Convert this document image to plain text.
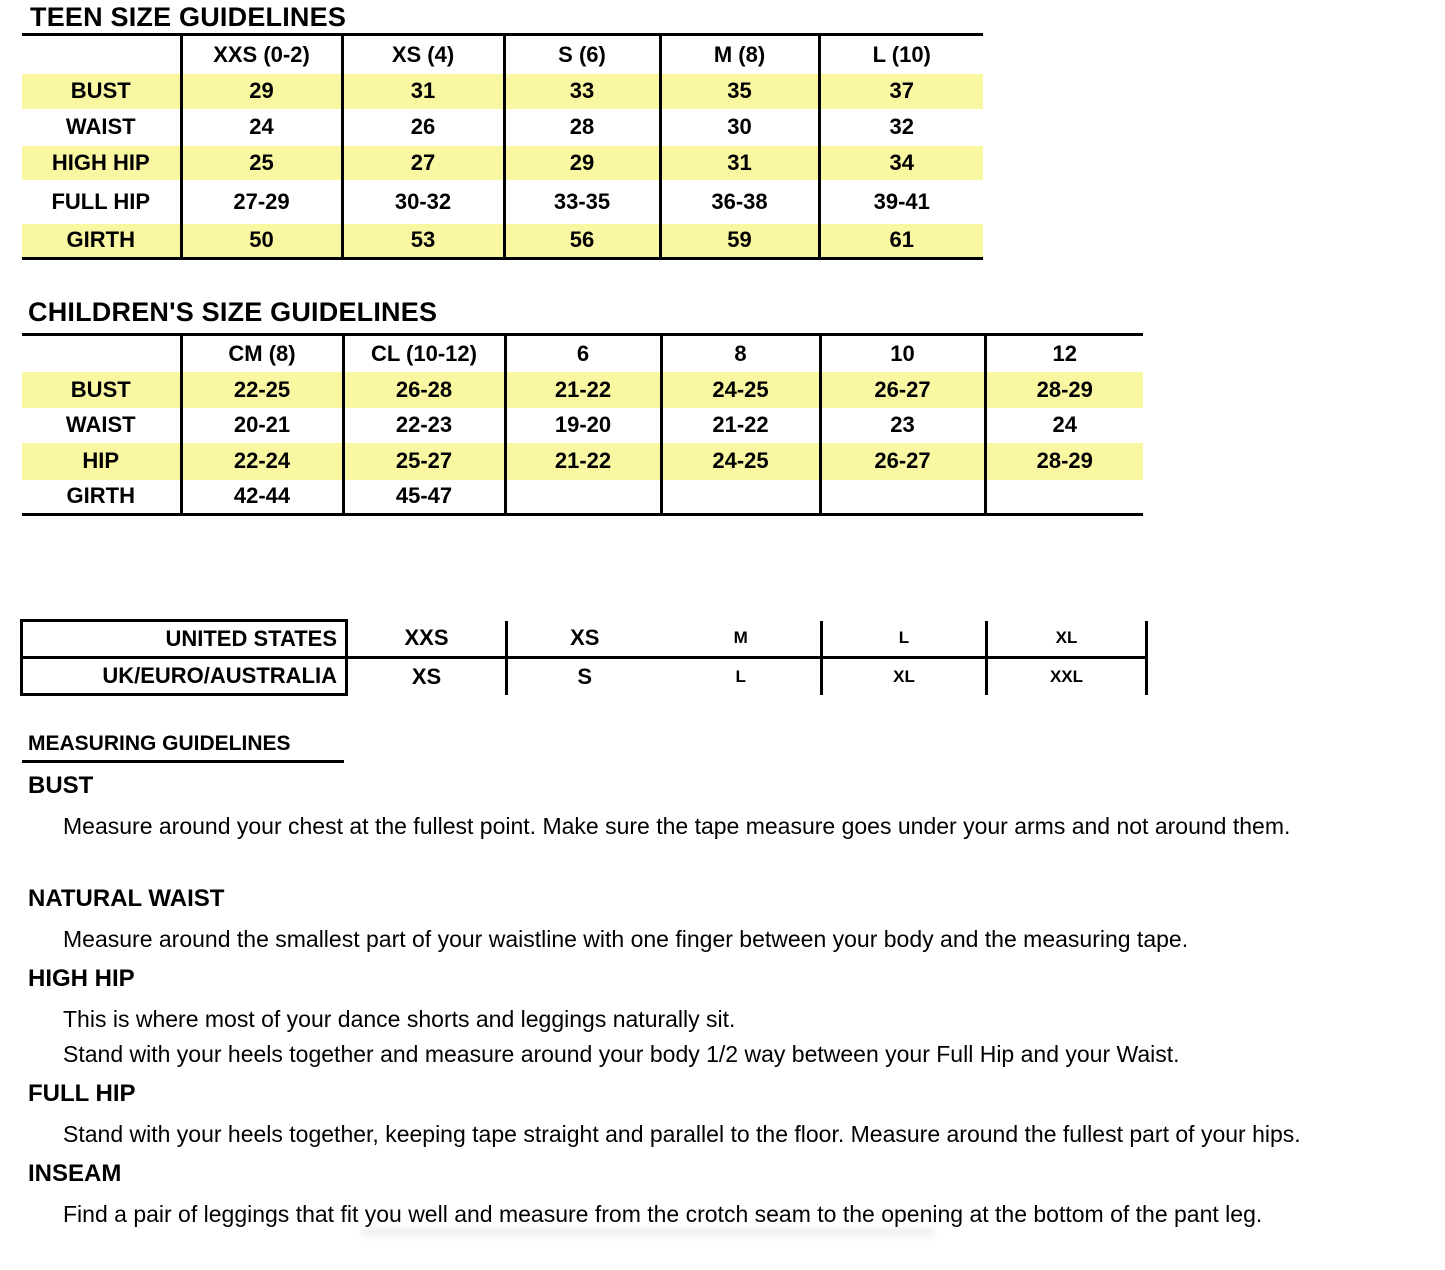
TEEN SIZE GUIDELINES
	XXS (0-2)	XS (4)	S (6)	M (8)	L (10)
BUST	29	31	33	35	37
WAIST	24	26	28	30	32
HIGH HIP	25	27	29	31	34
FULL HIP	27-29	30-32	33-35	36-38	39-41
GIRTH	50	53	56	59	61
CHILDREN'S SIZE GUIDELINES
	CM (8)	CL (10-12)	6	8	10	12
BUST	22-25	26-28	21-22	24-25	26-27	28-29
WAIST	20-21	22-23	19-20	21-22	23	24
HIP	22-24	25-27	21-22	24-25	26-27	28-29
GIRTH	42-44	45-47				
UNITED STATES	XXS	XS	M	L	XL
UK/EURO/AUSTRALIA	XS	S	L	XL	XXL
MEASURING GUIDELINES
BUST

Measure around your chest at the fullest point. Make sure the tape measure goes under your arms and not around them.

NATURAL WAIST

Measure around the smallest part of your waistline with one finger between your body and the measuring tape.

HIGH HIP

This is where most of your dance shorts and leggings naturally sit.

Stand with your heels together and measure around your body 1/2 way between your Full Hip and your Waist.

FULL HIP

Stand with your heels together, keeping tape straight and parallel to the floor. Measure around the fullest part of your hips.

INSEAM

Find a pair of leggings that fit you well and measure from the crotch seam to the opening at the bottom of the pant leg.
